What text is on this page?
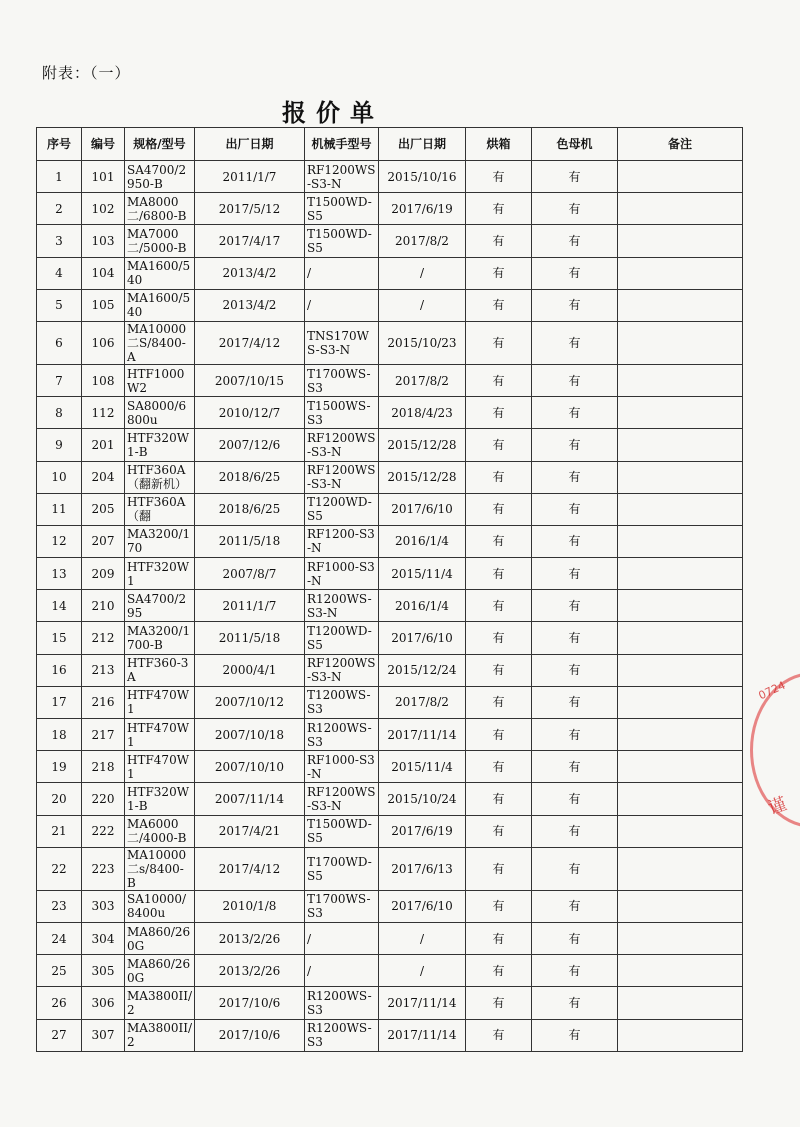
附表：（一）
报价单
序号	编号	规格/型号	出厂日期	机械手型号	出厂日期	烘箱	色母机	备注
1	101	SA4700/2950-B	2011/1/7	RF1200WS-S3-N	2015/10/16	有	有	
2	102	MA8000二/6800-B	2017/5/12	T1500WD-S5	2017/6/19	有	有	
3	103	MA7000二/5000-B	2017/4/17	T1500WD-S5	2017/8/2	有	有	
4	104	MA1600/540	2013/4/2	/	/	有	有	
5	105	MA1600/540	2013/4/2	/	/	有	有	
6	106	MA10000二S/8400-A	2017/4/12	TNS170WS-S3-N	2015/10/23	有	有	
7	108	HTF1000W2	2007/10/15	T1700WS-S3	2017/8/2	有	有	
8	112	SA8000/6800u	2010/12/7	T1500WS-S3	2018/4/23	有	有	
9	201	HTF320W1-B	2007/12/6	RF1200WS-S3-N	2015/12/28	有	有	
10	204	HTF360A（翻新机）	2018/6/25	RF1200WS-S3-N	2015/12/28	有	有	
11	205	HTF360A（翻	2018/6/25	T1200WD-S5	2017/6/10	有	有	
12	207	MA3200/170	2011/5/18	RF1200-S3-N	2016/1/4	有	有	
13	209	HTF320W1	2007/8/7	RF1000-S3-N	2015/11/4	有	有	
14	210	SA4700/295	2011/1/7	R1200WS-S3-N	2016/1/4	有	有	
15	212	MA3200/1700-B	2011/5/18	T1200WD-S5	2017/6/10	有	有	
16	213	HTF360-3A	2000/4/1	RF1200WS-S3-N	2015/12/24	有	有	
17	216	HTF470W1	2007/10/12	T1200WS-S3	2017/8/2	有	有	
18	217	HTF470W1	2007/10/18	R1200WS-S3	2017/11/14	有	有	
19	218	HTF470W1	2007/10/10	RF1000-S3-N	2015/11/4	有	有	
20	220	HTF320W1-B	2007/11/14	RF1200WS-S3-N	2015/10/24	有	有	
21	222	MA6000二/4000-B	2017/4/21	T1500WD-S5	2017/6/19	有	有	
22	223	MA10000二s/8400-B	2017/4/12	T1700WD-S5	2017/6/13	有	有	
23	303	SA10000/8400u	2010/1/8	T1700WS-S3	2017/6/10	有	有	
24	304	MA860/260G	2013/2/26	/	/	有	有	
25	305	MA860/260G	2013/2/26	/	/	有	有	
26	306	MA3800II/2	2017/10/6	R1200WS-S3	2017/11/14	有	有	
27	307	MA3800II/2	2017/10/6	R1200WS-S3	2017/11/14	有	有	
0724
谨
